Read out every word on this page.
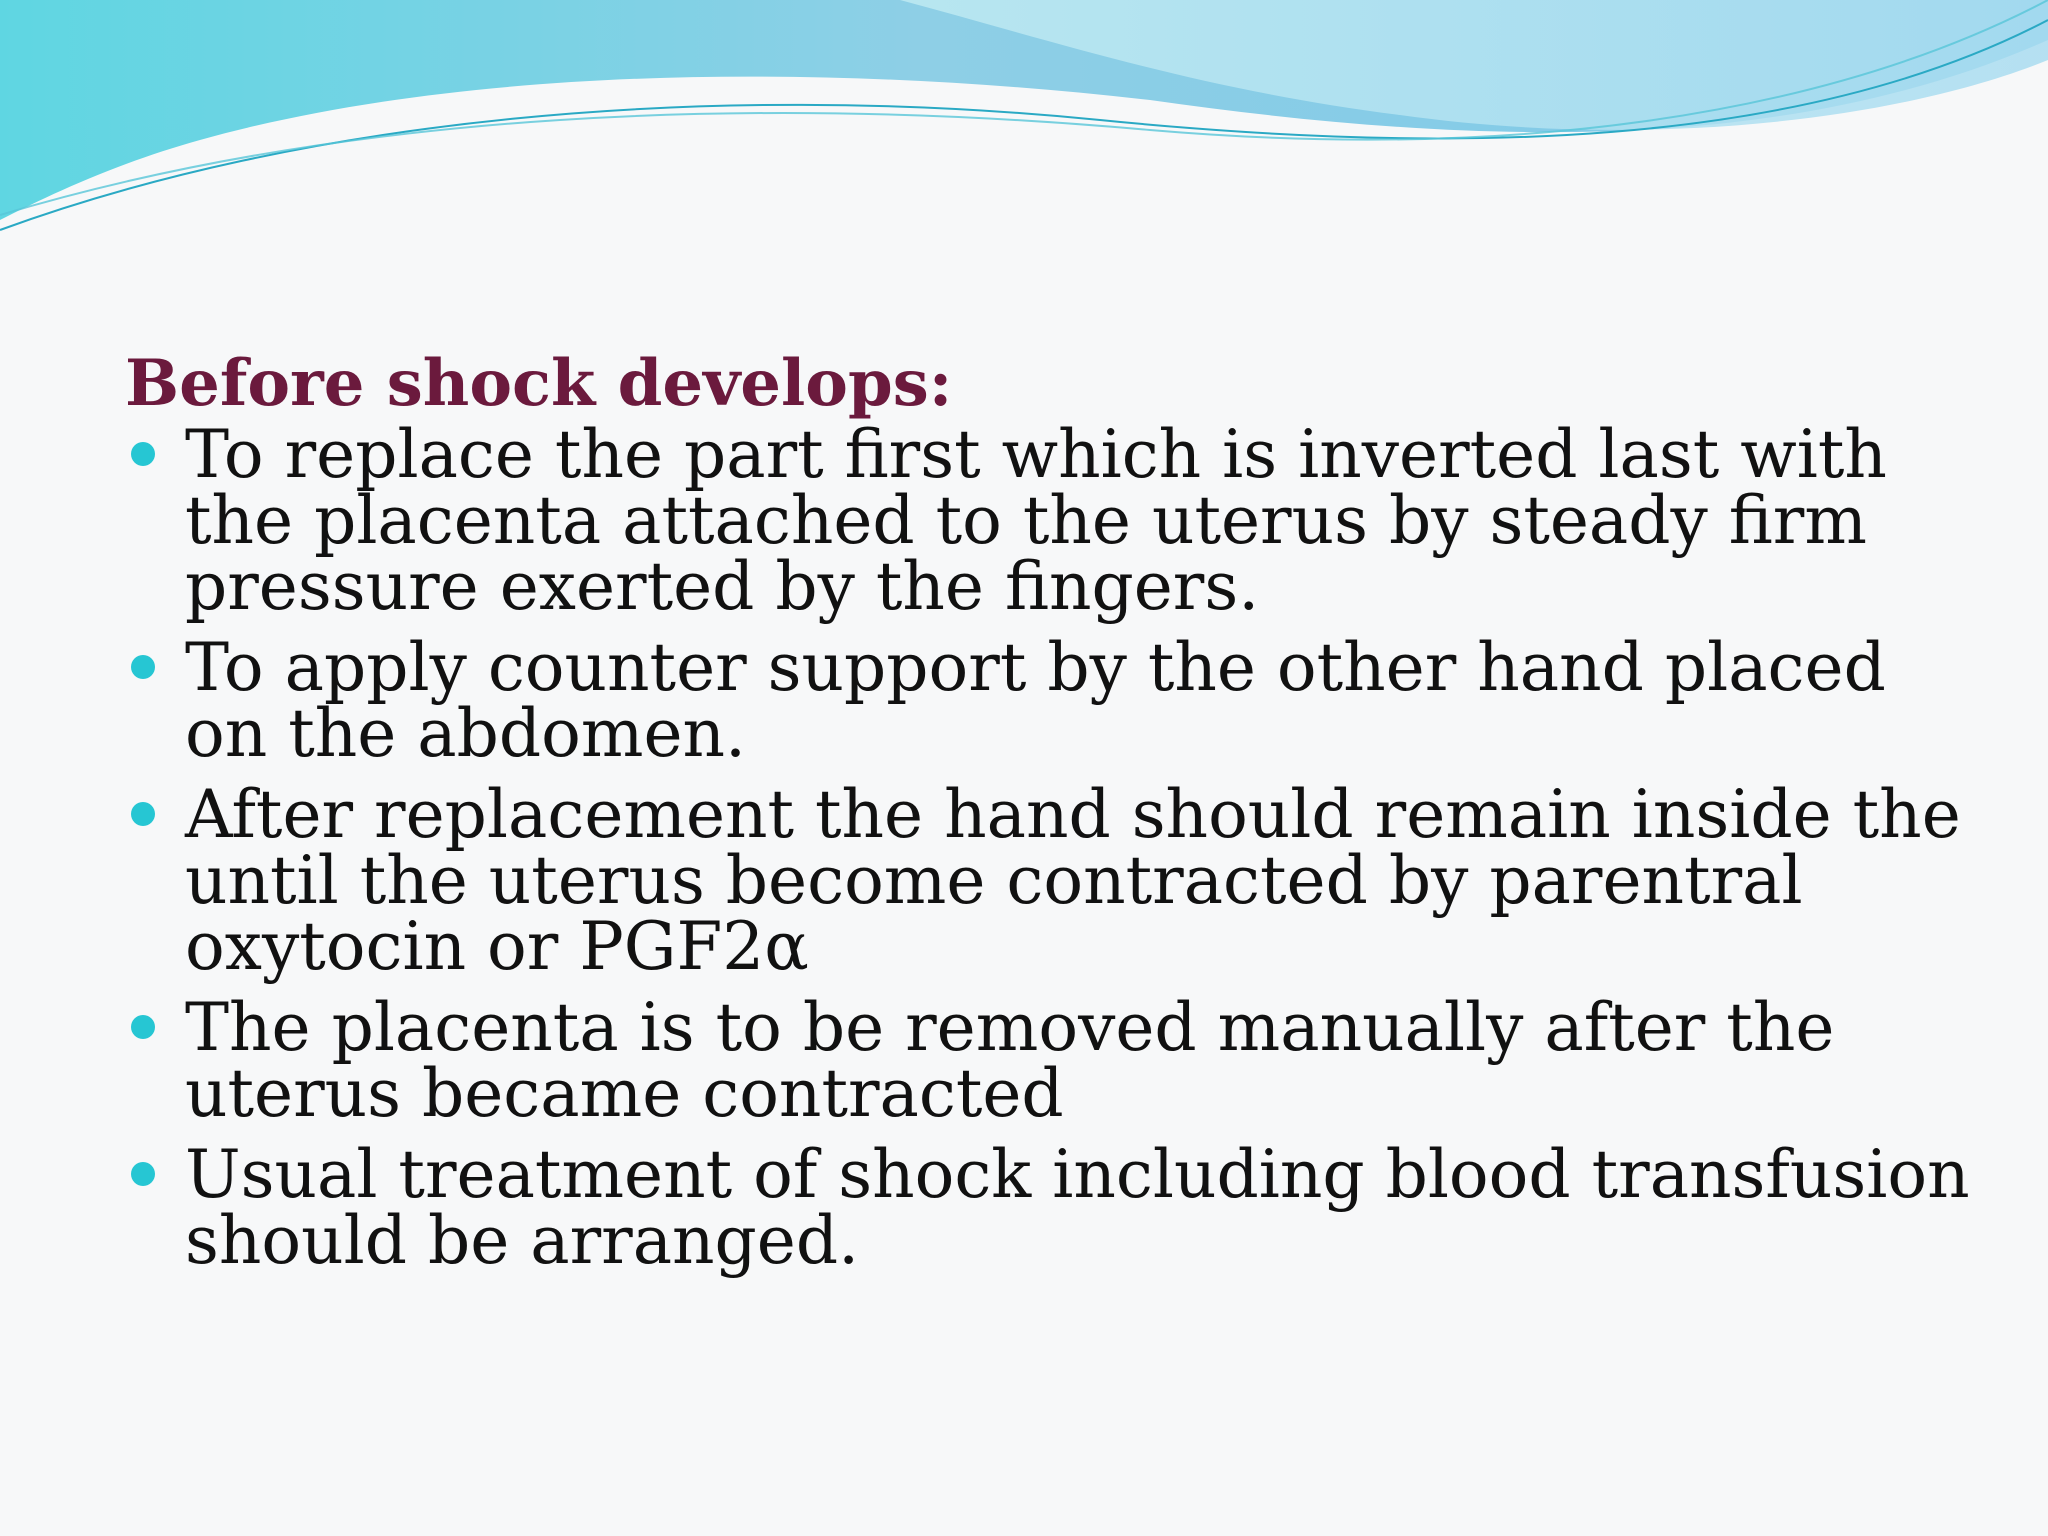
Before shock develops:
To replace the part first which is inverted last with the placenta attached to the uterus by steady firm pressure exerted by the fingers.
To apply counter support by the other hand placed on the abdomen.
After replacement the hand should remain inside the until the uterus become contracted by parentral oxytocin or PGF2α
The placenta is to be removed manually after the uterus became contracted
Usual treatment of shock including blood transfusion should be arranged.
